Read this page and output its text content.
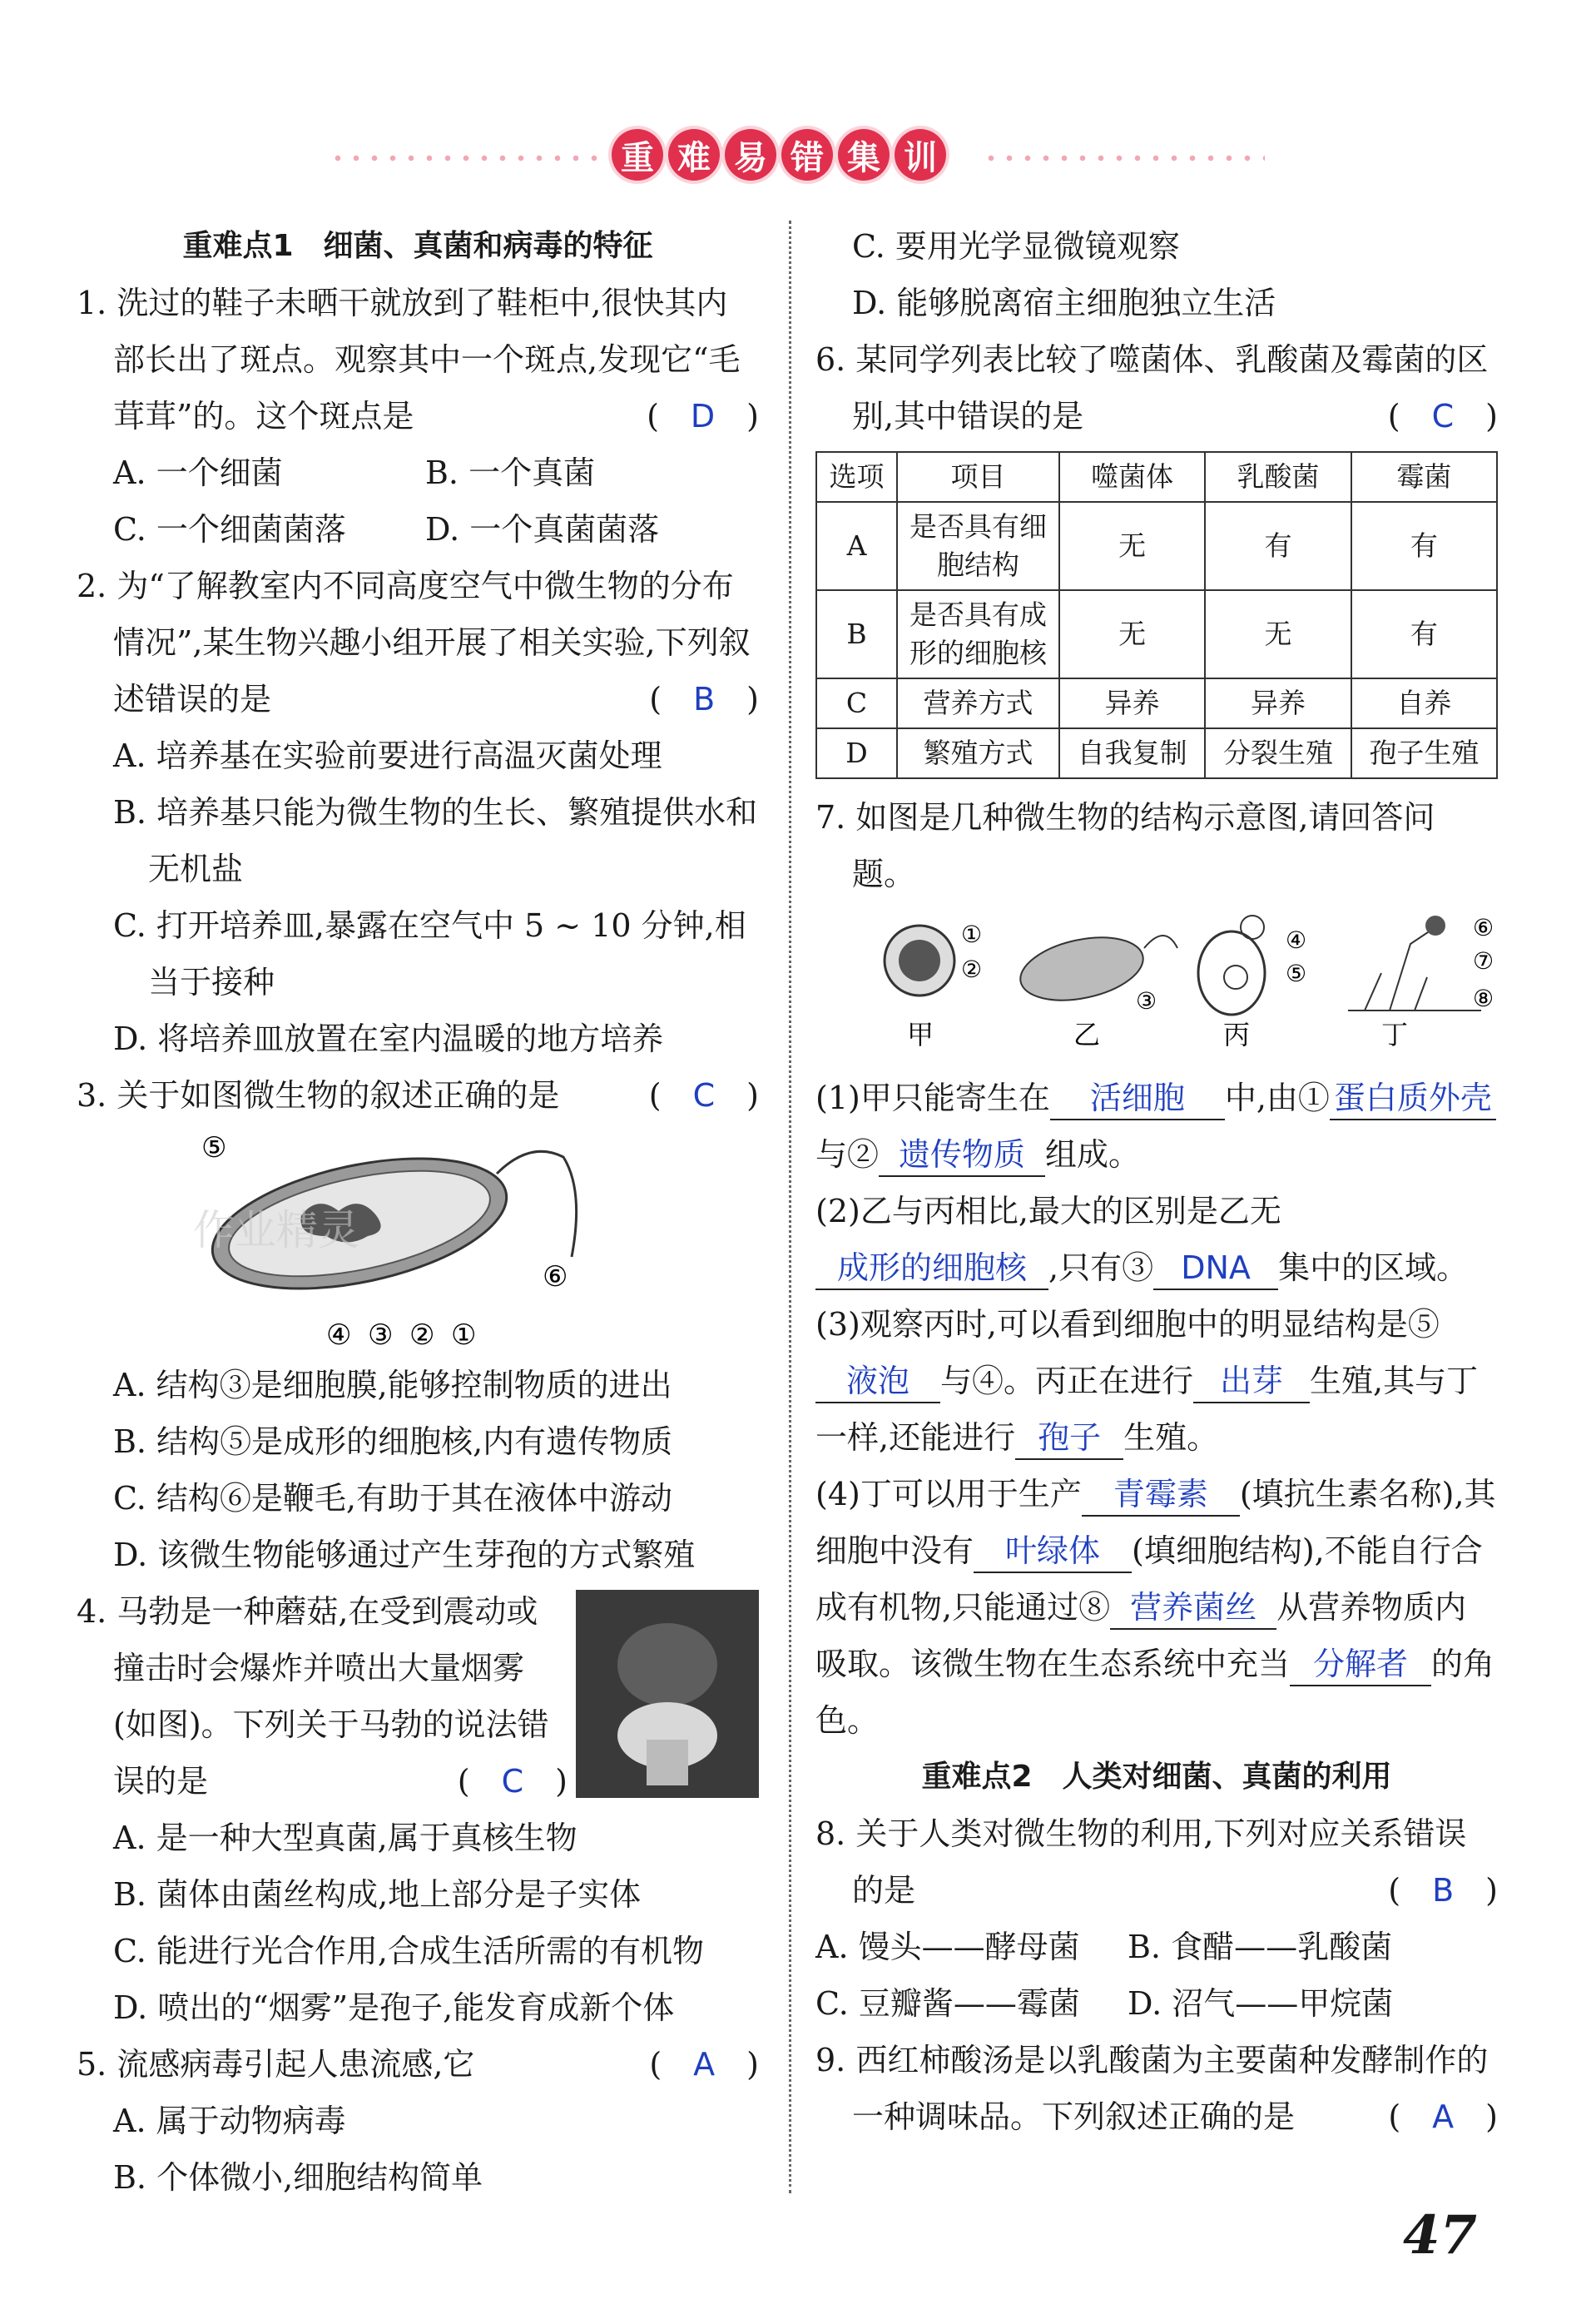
重 难 易 错 集 训
重难点1　细菌、真菌和病毒的特征
1. 洗过的鞋子未晒干就放到了鞋柜中,很快其内部长出了斑点。观察其中一个斑点,发现它“毛茸茸”的。这个斑点是	(　D　)
A. 一个细菌	B. 一个真菌
C. 一个细菌菌落	D. 一个真菌菌落
2. 为“了解教室内不同高度空气中微生物的分布情况”,某生物兴趣小组开展了相关实验,下列叙述错误的是	(　B　)
A. 培养基在实验前要进行高温灭菌处理
B. 培养基只能为微生物的生长、繁殖提供水和无机盐
C. 打开培养皿,暴露在空气中 5 ~ 10 分钟,相当于接种
D. 将培养皿放置在室内温暖的地方培养
3. 关于如图微生物的叙述正确的是	(　C　)
⑤
⑥
④ ③ ② ①
作业精灵
A. 结构③是细胞膜,能够控制物质的进出
B. 结构⑤是成形的细胞核,内有遗传物质
C. 结构⑥是鞭毛,有助于其在液体中游动
D. 该微生物能够通过产生芽孢的方式繁殖
4. 马勃是一种蘑菇,在受到震动或撞击时会爆炸并喷出大量烟雾(如图)。下列关于马勃的说法错误的是	(　C　)
A. 是一种大型真菌,属于真核生物
B. 菌体由菌丝构成,地上部分是子实体
C. 能进行光合作用,合成生活所需的有机物
D. 喷出的“烟雾”是孢子,能发育成新个体
5. 流感病毒引起人患流感,它	(　A　)
A. 属于动物病毒
B. 个体微小,细胞结构简单
C. 要用光学显微镜观察
D. 能够脱离宿主细胞独立生活
6. 某同学列表比较了噬菌体、乳酸菌及霉菌的区别,其中错误的是	(　C　)
选项	项目	噬菌体	乳酸菌	霉菌
A	是否具有细胞结构	无	有	有
B	是否具有成形的细胞核	无	无	有
C	营养方式	异养	异养	自养
D	繁殖方式	自我复制	分裂生殖	孢子生殖
7. 如图是几种微生物的结构示意图,请回答问题。
①
②
甲
③
乙
④
⑤
丙
⑥
⑦
⑧
丁
(1)甲只能寄生在 活细胞 中,由① 蛋白质外壳与② 遗传物质 组成。
(2)乙与丙相比,最大的区别是乙无成形的细胞核 ,只有③ DNA 集中的区域。
(3)观察丙时,可以看到细胞中的明显结构是⑤液泡 与④。丙正在进行 出芽 生殖,其与丁一样,还能进行 孢子 生殖。
(4)丁可以用于生产 青霉素 (填抗生素名称),其细胞中没有 叶绿体 (填细胞结构),不能自行合成有机物,只能通过⑧ 营养菌丝 从营养物质内吸取。该微生物在生态系统中充当 分解者 的角色。
重难点2　人类对细菌、真菌的利用
8. 关于人类对微生物的利用,下列对应关系错误的是	(　B　)
A. 馒头——酵母菌	B. 食醋——乳酸菌
C. 豆瓣酱——霉菌	D. 沼气——甲烷菌
9. 西红柿酸汤是以乳酸菌为主要菌种发酵制作的一种调味品。下列叙述正确的是	(　A　)
47
